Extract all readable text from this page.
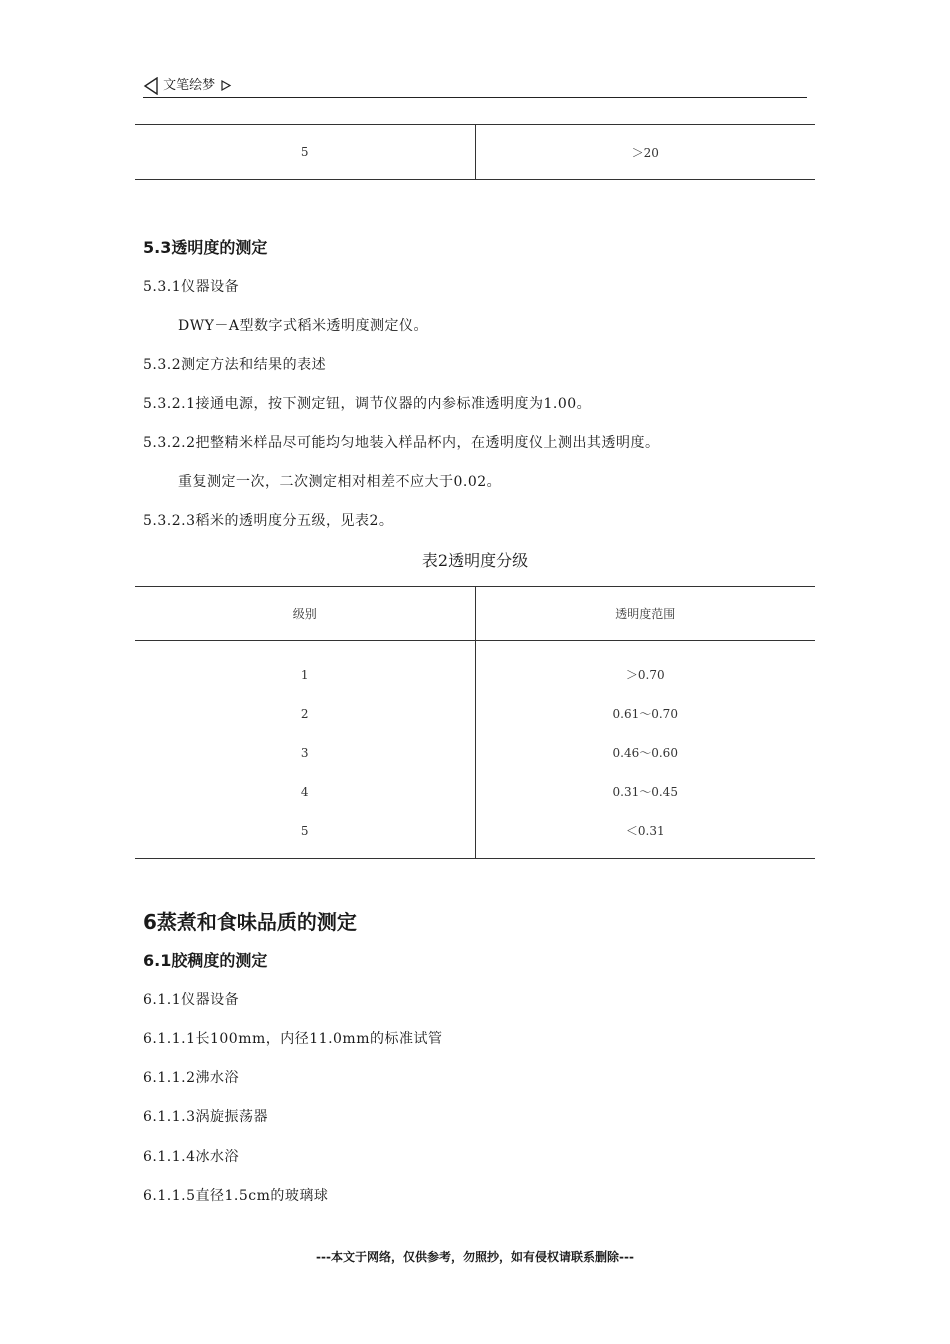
文笔绘梦
5	＞20
5.3透明度的测定
5.3.1仪器设备
DWY－A型数字式稻米透明度测定仪。
5.3.2测定方法和结果的表述
5.3.2.1接通电源，按下测定钮，调节仪器的内参标准透明度为1.00。
5.3.2.2把整精米样品尽可能均匀地装入样品杯内，在透明度仪上测出其透明度。
重复测定一次，二次测定相对相差不应大于0.02。
5.3.2.3稻米的透明度分五级，见表2。
表2透明度分级
级别	透明度范围
1	＞0.70
2	0.61～0.70
3	0.46～0.60
4	0.31～0.45
5	＜0.31
6蒸煮和食味品质的测定
6.1胶稠度的测定
6.1.1仪器设备
6.1.1.1长100mm，内径11.0mm的标准试管
6.1.1.2沸水浴
6.1.1.3涡旋振荡器
6.1.1.4冰水浴
6.1.1.5直径1.5cm的玻璃球
---本文于网络，仅供参考，勿照抄，如有侵权请联系删除---
